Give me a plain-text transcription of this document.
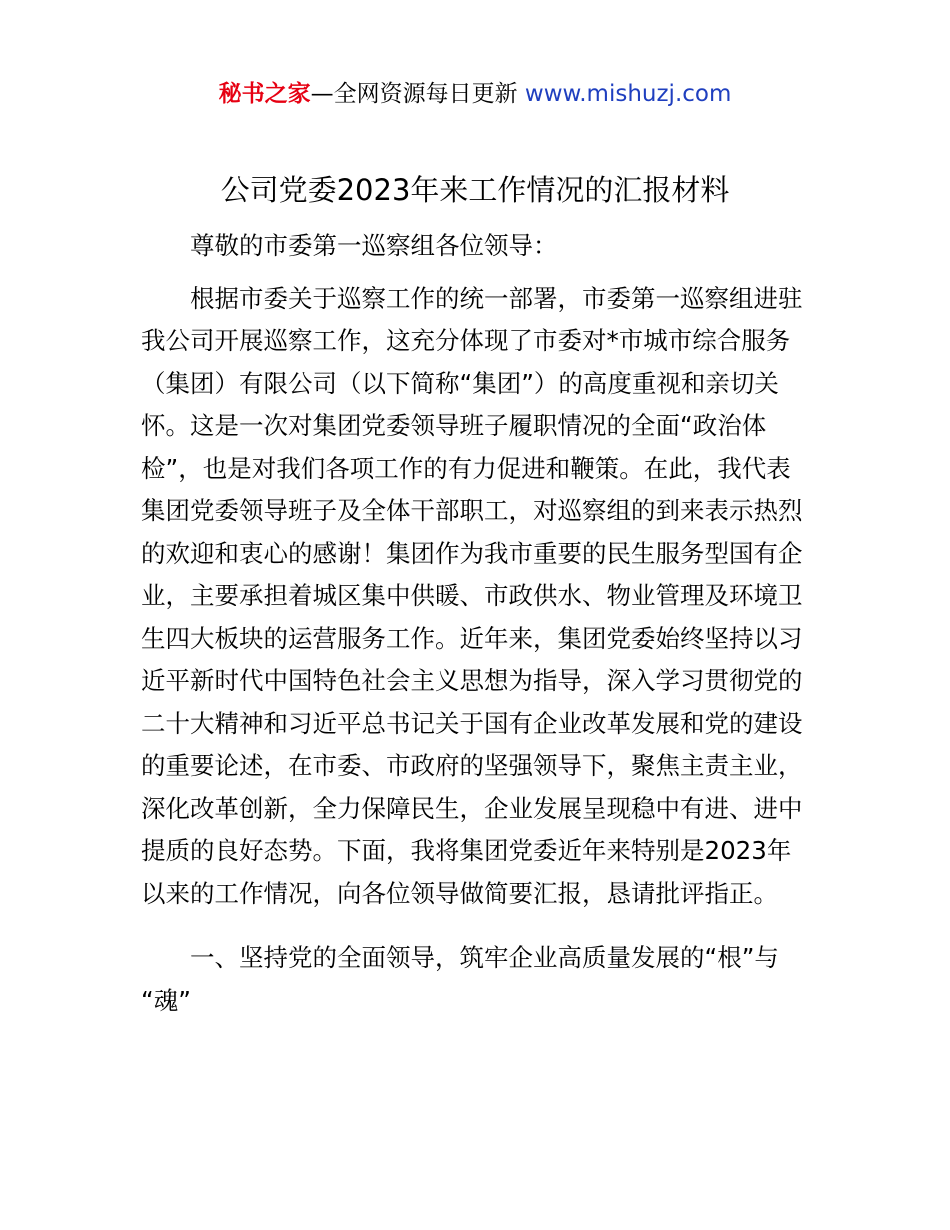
秘书之家—全网资源每日更新 www.mishuzj.com
公司党委2023年来工作情况的汇报材料
尊敬的市委第一巡察组各位领导：
根据市委关于巡察工作的统一部署，市委第一巡察组进驻
我公司开展巡察工作，这充分体现了市委对*市城市综合服务
（集团）有限公司（以下简称“集团”）的高度重视和亲切关
怀。这是一次对集团党委领导班子履职情况的全面“政治体
检”，也是对我们各项工作的有力促进和鞭策。在此，我代表
集团党委领导班子及全体干部职工，对巡察组的到来表示热烈
的欢迎和衷心的感谢！集团作为我市重要的民生服务型国有企
业，主要承担着城区集中供暖、市政供水、物业管理及环境卫
生四大板块的运营服务工作。近年来，集团党委始终坚持以习
近平新时代中国特色社会主义思想为指导，深入学习贯彻党的
二十大精神和习近平总书记关于国有企业改革发展和党的建设
的重要论述，在市委、市政府的坚强领导下，聚焦主责主业，
深化改革创新，全力保障民生，企业发展呈现稳中有进、进中
提质的良好态势。下面，我将集团党委近年来特别是2023年
以来的工作情况，向各位领导做简要汇报，恳请批评指正。
一、坚持党的全面领导，筑牢企业高质量发展的“根”与
“魂”
